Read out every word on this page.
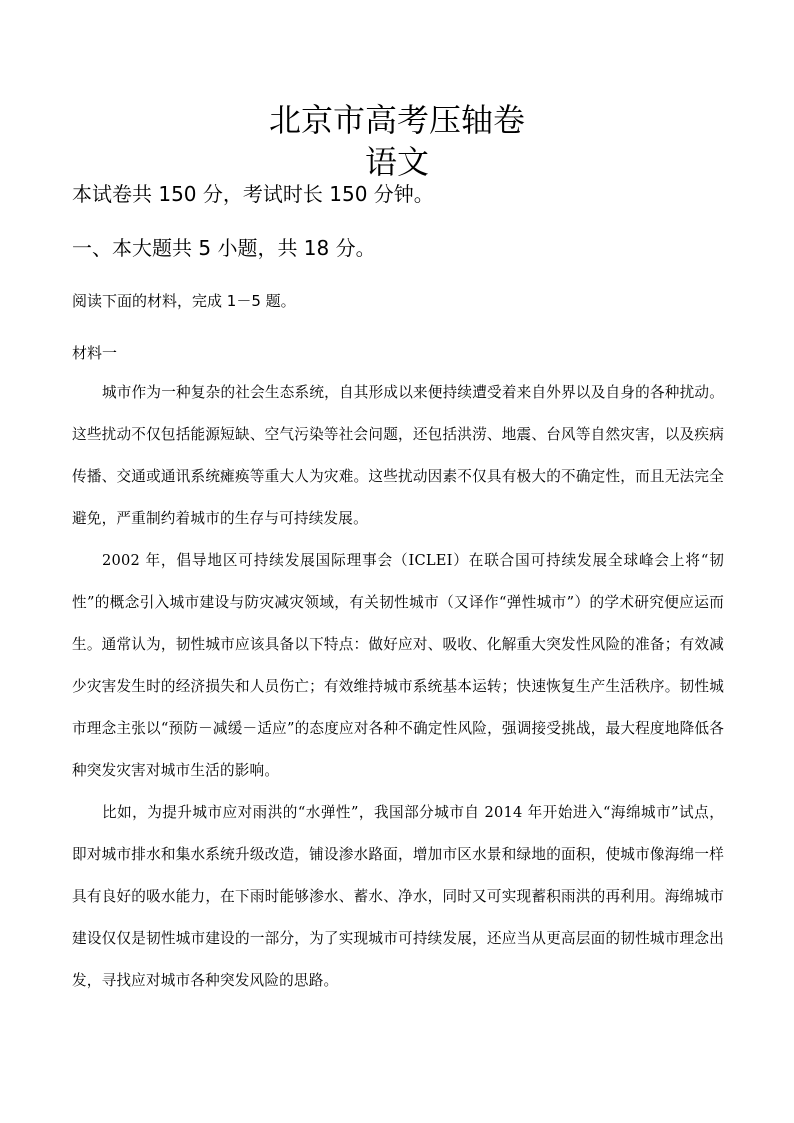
北京市高考压轴卷
语文

本试卷共 150 分，考试时长 150 分钟。

一、本大题共 5 小题，共 18 分。

阅读下面的材料，完成 1－5 题。

材料一

城市作为一种复杂的社会生态系统，自其形成以来便持续遭受着来自外界以及自身的各种扰动。这些扰动不仅包括能源短缺、空气污染等社会问题，还包括洪涝、地震、台风等自然灾害，以及疾病传播、交通或通讯系统瘫痪等重大人为灾难。这些扰动因素不仅具有极大的不确定性，而且无法完全避免，严重制约着城市的生存与可持续发展。

2002 年，倡导地区可持续发展国际理事会（ICLEI）在联合国可持续发展全球峰会上将“韧性”的概念引入城市建设与防灾减灾领域，有关韧性城市（又译作“弹性城市”）的学术研究便应运而生。通常认为，韧性城市应该具备以下特点：做好应对、吸收、化解重大突发性风险的准备；有效减少灾害发生时的经济损失和人员伤亡；有效维持城市系统基本运转；快速恢复生产生活秩序。韧性城市理念主张以“预防－减缓－适应”的态度应对各种不确定性风险，强调接受挑战，最大程度地降低各种突发灾害对城市生活的影响。

比如，为提升城市应对雨洪的“水弹性”，我国部分城市自 2014 年开始进入“海绵城市”试点，即对城市排水和集水系统升级改造，铺设渗水路面，增加市区水景和绿地的面积，使城市像海绵一样具有良好的吸水能力，在下雨时能够渗水、蓄水、净水，同时又可实现蓄积雨洪的再利用。海绵城市建设仅仅是韧性城市建设的一部分，为了实现城市可持续发展，还应当从更高层面的韧性城市理念出发，寻找应对城市各种突发风险的思路。
